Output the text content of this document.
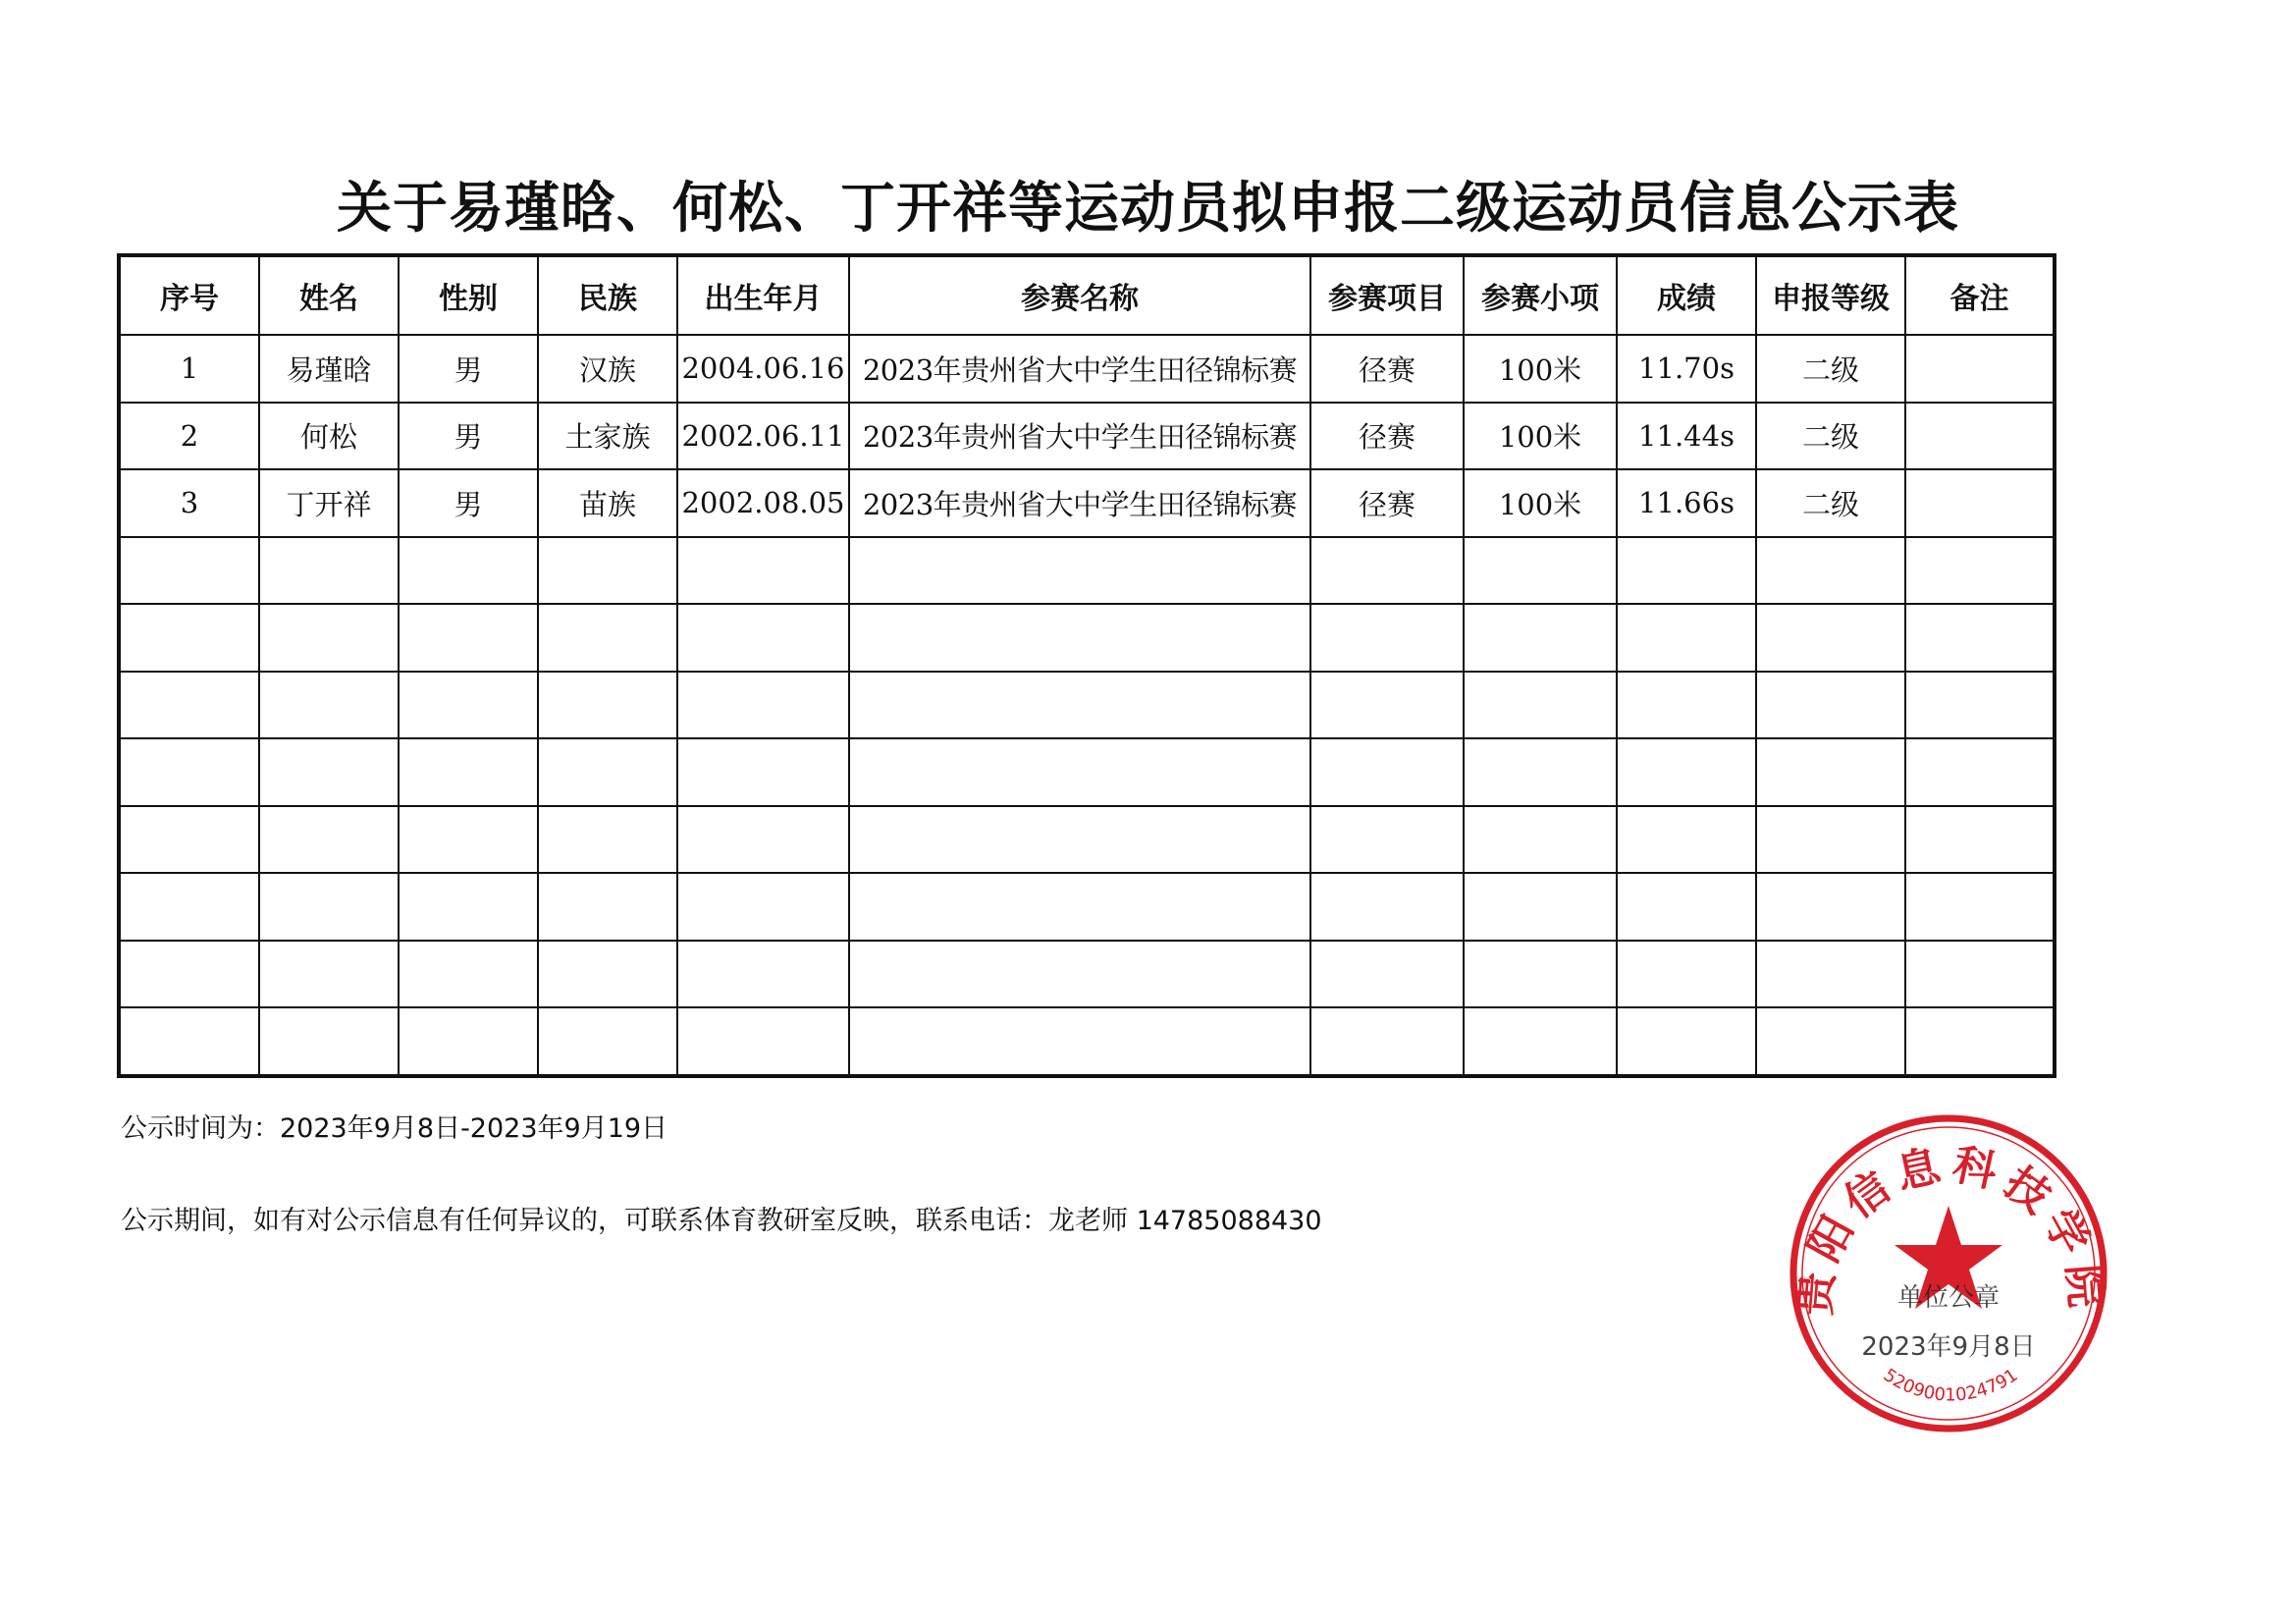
关于易瑾晗、何松、丁开祥等运动员拟申报二级运动员信息公示表
序号	姓名	性别	民族	出生年月	参赛名称	参赛项目	参赛小项	成绩	申报等级	备注
1	易瑾晗	男	汉族	2004.06.16	2023年贵州省大中学生田径锦标赛	径赛	100米	11.70s	二级	
2	何松	男	土家族	2002.06.11	2023年贵州省大中学生田径锦标赛	径赛	100米	11.44s	二级	
3	丁开祥	男	苗族	2002.08.05	2023年贵州省大中学生田径锦标赛	径赛	100米	11.66s	二级	

公示时间为：2023年9月8日-2023年9月19日
公示期间，如有对公示信息有任何异议的，可联系体育教研室反映，联系电话：龙老师 14785088430
贵阳信息科技学院
单位公章
2023年9月8日
5209001024791
